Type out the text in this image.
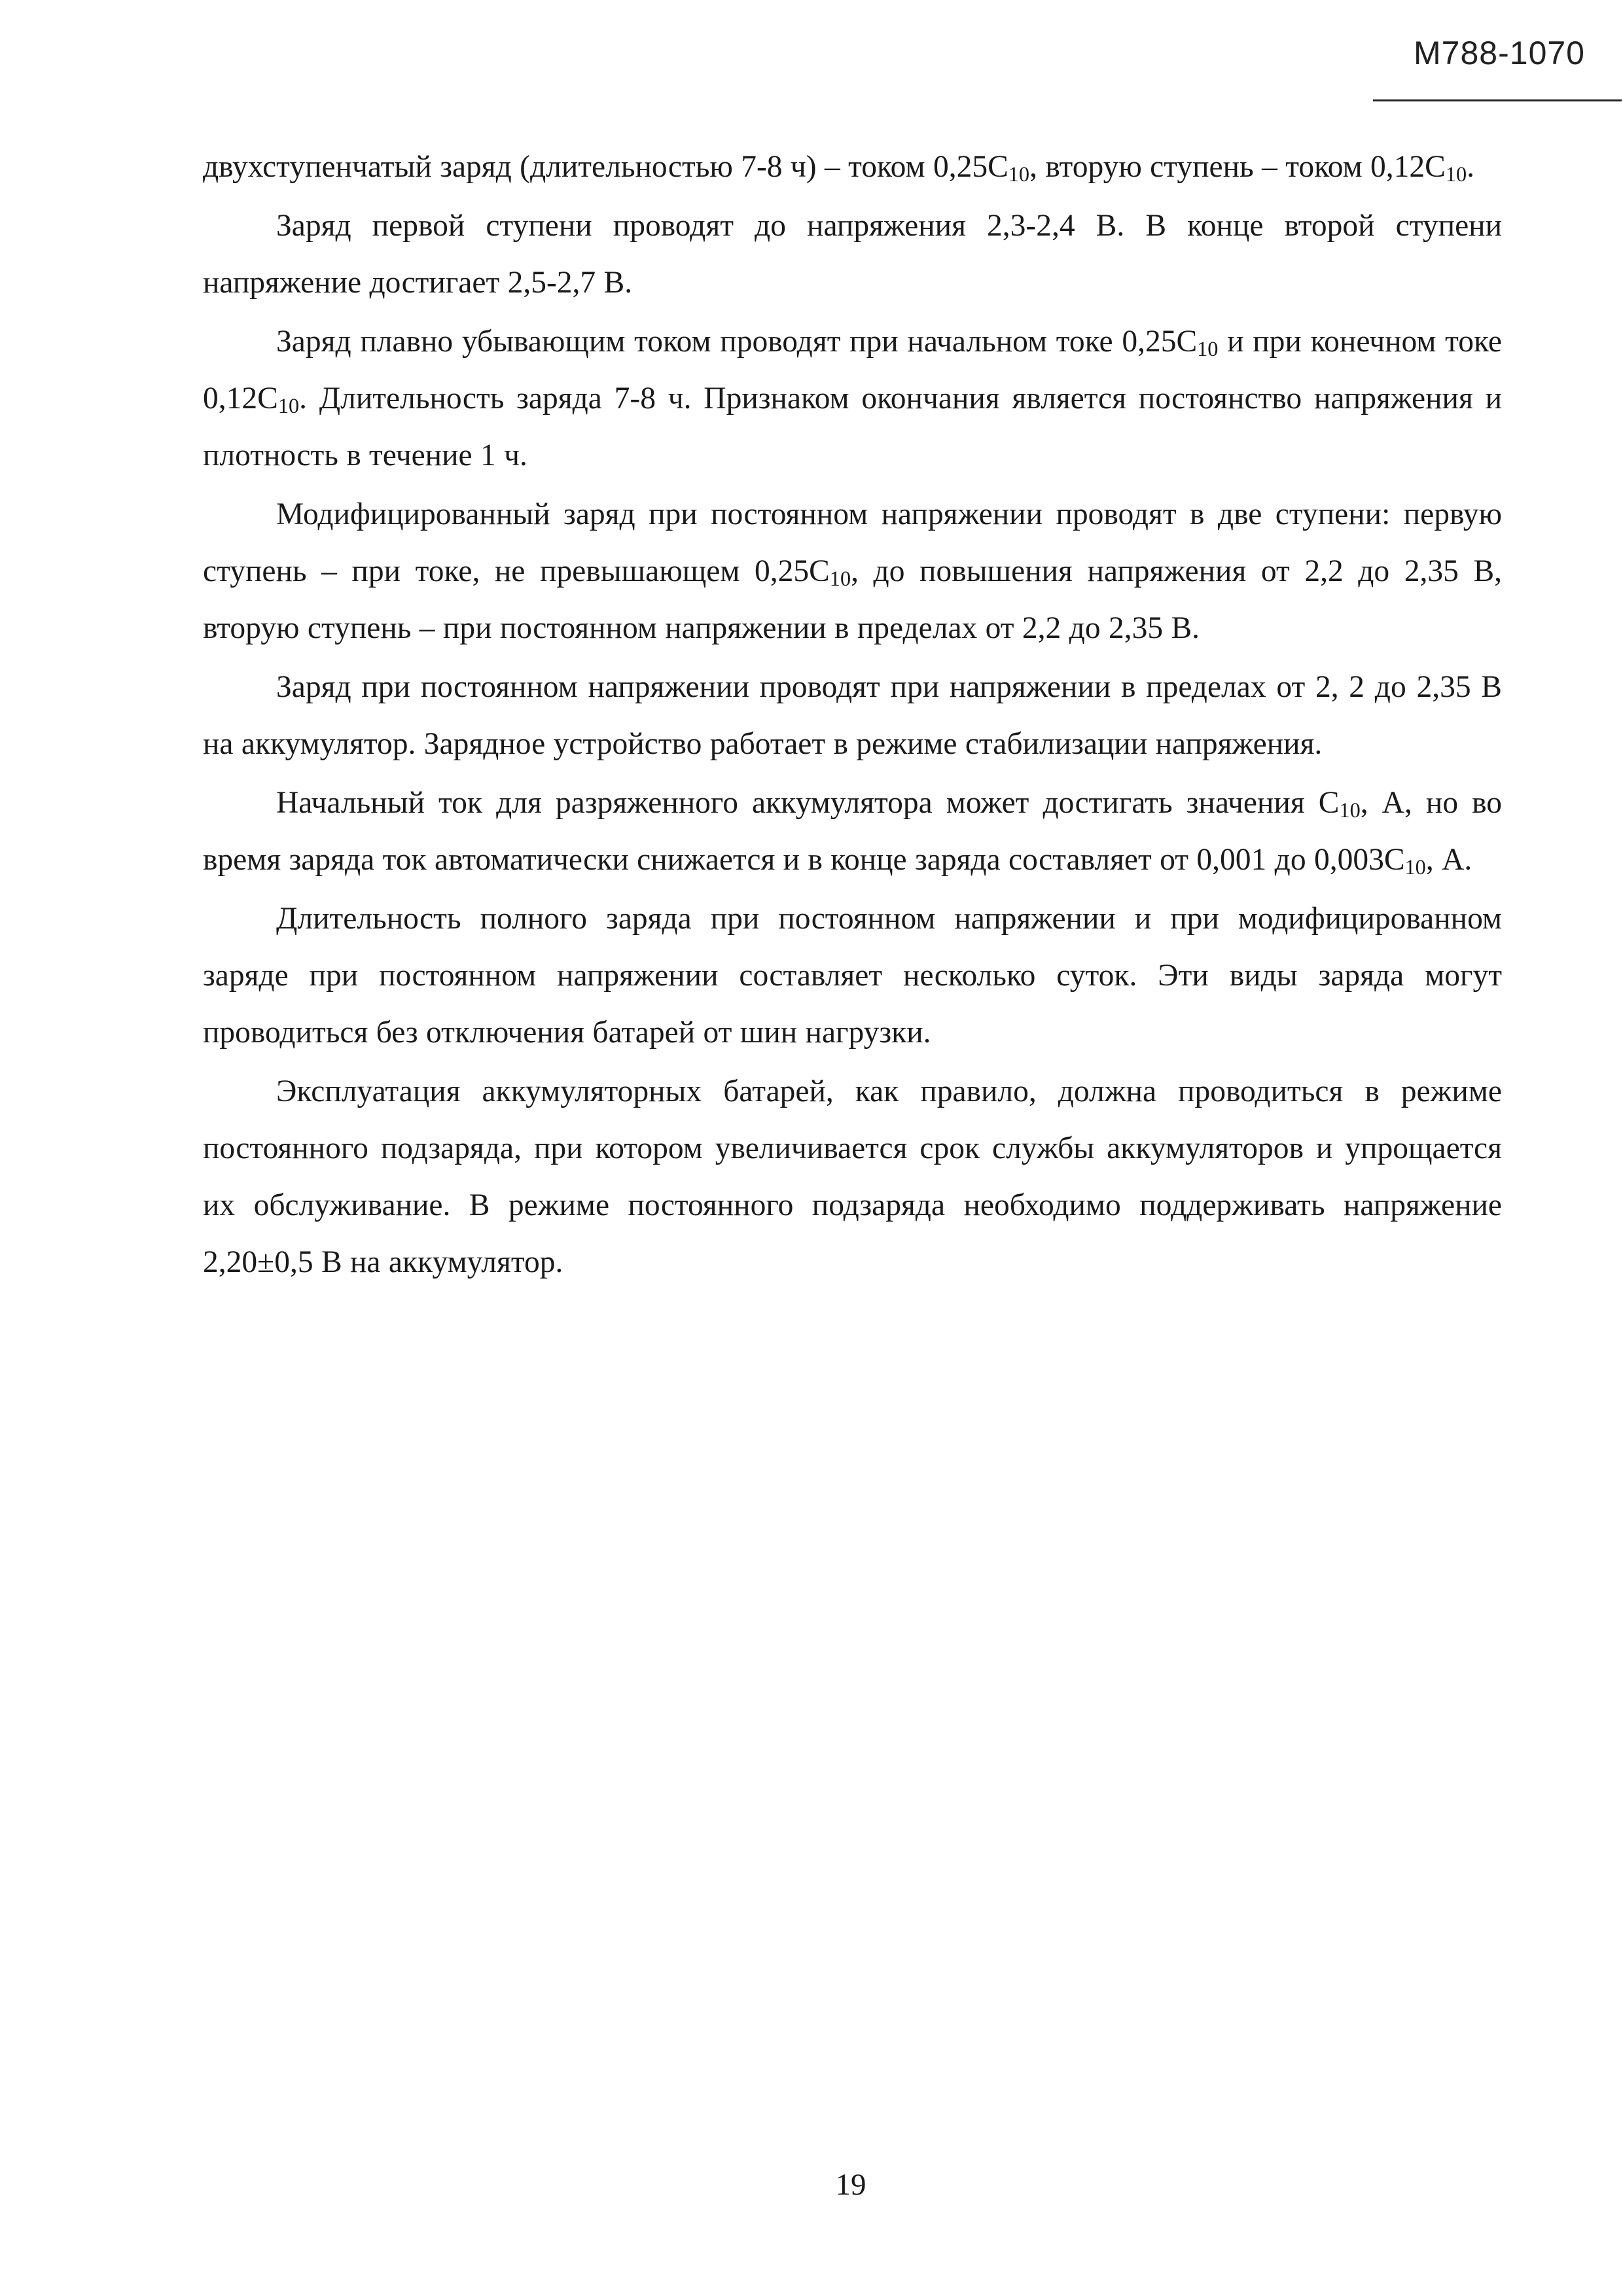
М788-1070

двухступенчатый заряд (длительностью 7-8 ч) – током $0,25С_{10}$, вторую ступень – током $0,12С_{10}$.

Заряд первой ступени проводят до напряжения 2,3-2,4 В. В конце второй ступени напряжение достигает 2,5-2,7 В.

Заряд плавно убывающим током проводят при начальном токе $0,25С_{10}$ и при конечном токе $0,12С_{10}$. Длительность заряда 7-8 ч. Признаком окончания является постоянство напряжения и плотность в течение 1 ч.

Модифицированный заряд при постоянном напряжении проводят в две ступени: первую ступень – при токе, не превышающем $0,25С_{10}$, до повышения напряжения от 2,2 до 2,35 В, вторую ступень – при постоянном напряжении в пределах от 2,2 до 2,35 В.

Заряд при постоянном напряжении проводят при напряжении в пределах от 2, 2 до 2,35 В на аккумулятор. Зарядное устройство работает в режиме стабилизации напряжения.

Начальный ток для разряженного аккумулятора может достигать значения $С_{10}$, А, но во время заряда ток автоматически снижается и в конце заряда составляет от 0,001 до $0,003С_{10}$, А.

Длительность полного заряда при постоянном напряжении и при модифицированном заряде при постоянном напряжении составляет несколько суток. Эти виды заряда могут проводиться без отключения батарей от шин нагрузки.

Эксплуатация аккумуляторных батарей, как правило, должна проводиться в режиме постоянного подзаряда, при котором увеличивается срок службы аккумуляторов и упрощается их обслуживание. В режиме постоянного подзаряда необходимо поддерживать напряжение 2,20±0,5 В на аккумулятор.

19
